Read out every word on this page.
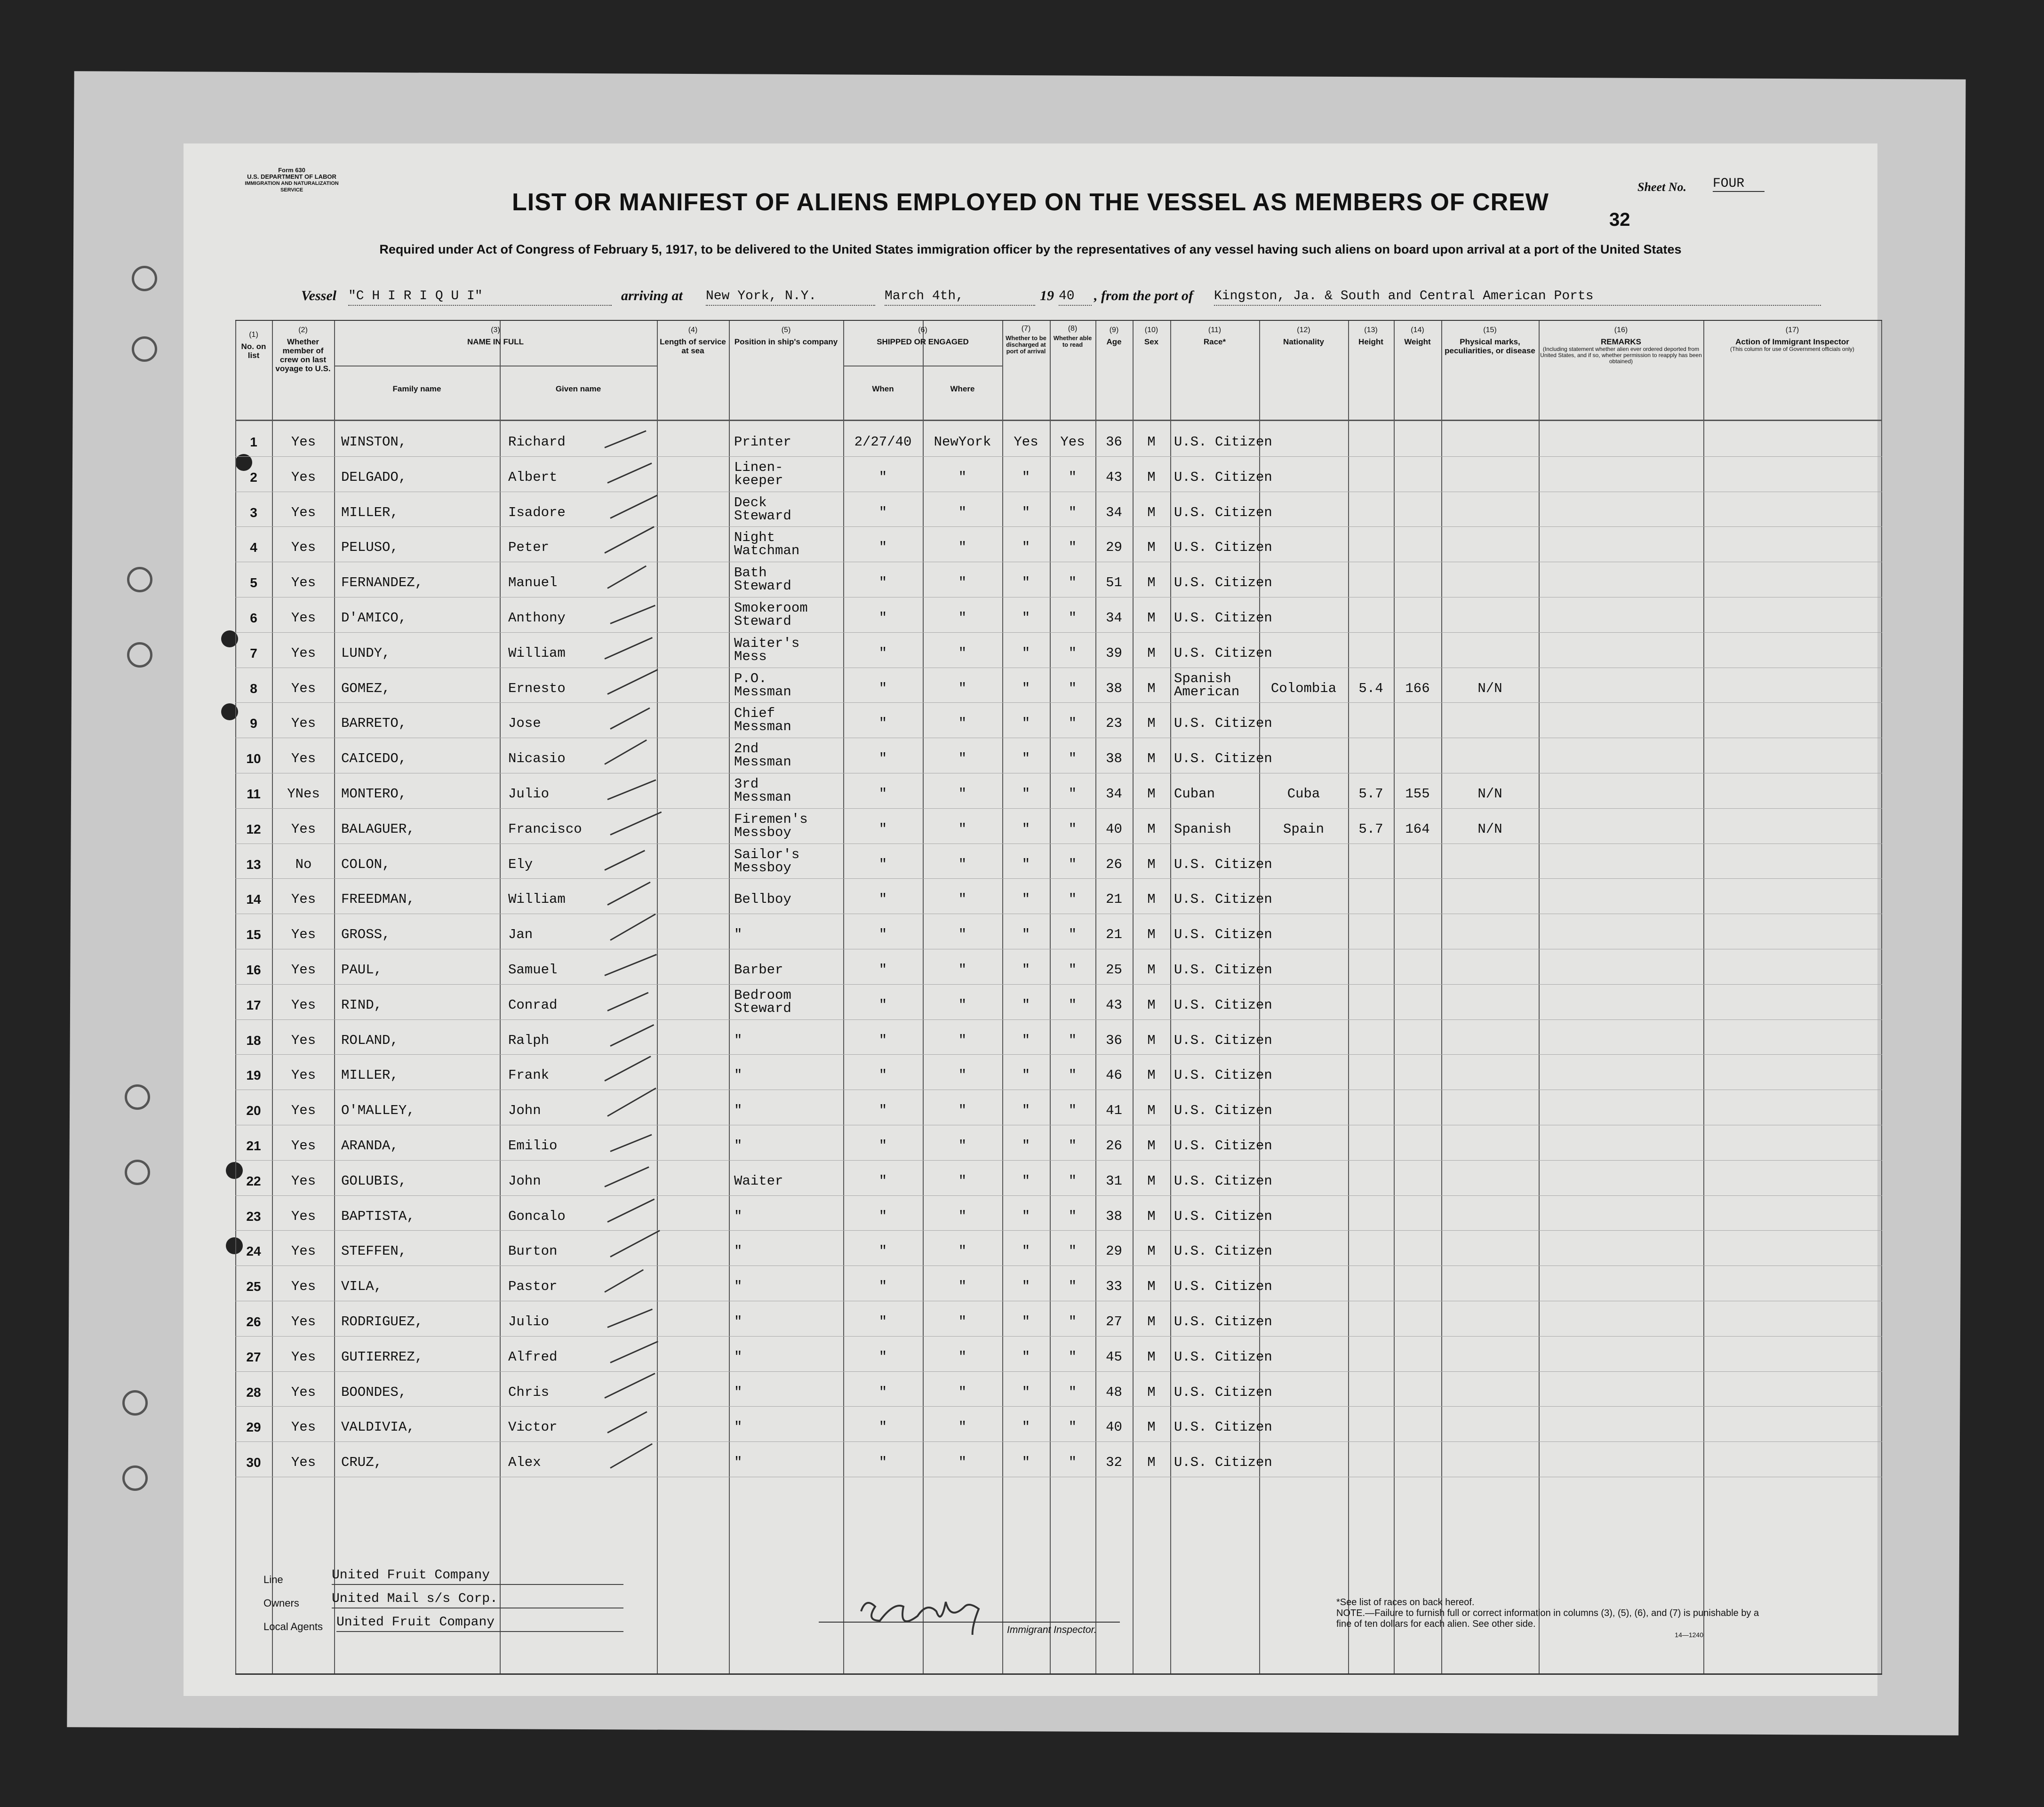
Form 630
U.S. DEPARTMENT OF LABOR
IMMIGRATION AND NATURALIZATION SERVICE	Sheet No. FOUR
LIST OR MANIFEST OF ALIENS EMPLOYED ON THE VESSEL AS MEMBERS OF CREW
32
Required under Act of Congress of February 5, 1917, to be delivered to the United States immigration officer by the representatives of any vessel having such aliens on board upon arrival at a port of the United States
Vessel "C H I R I Q U I"	arriving at New York, N.Y.	March 4th,	19 40	, from the port of Kingston, Ja. & South and Central American Ports
(1)
No. on list
(2)
Whether member of crew on last voyage to U.S.
(3)
NAME IN FULL
Family name	Given name
(4)
Length of service at sea
(5)
Position in ship's company
(6)
SHIPPED OR ENGAGED
When	Where
(7)
Whether to be discharged at port of arrival
(8)
Whether able to read
(9)
Age
(10)
Sex
(11)
Race*
(12)
Nationality
(13)
Height
(14)
Weight
(15)
Physical marks, peculiarities, or disease
(16)
REMARKS
(Including statement whether alien ever ordered deported from United States, and if so, whether permission to reapply has been obtained)
(17)
Action of Immigrant Inspector
(This column for use of Government officials only)
1	Yes	WINSTON,	Richard	Printer	2/27/40	NewYork	Yes	Yes	36	M	U.S. Citizen
2	Yes	DELGADO,	Albert
Linen-
keeper	"	"	"	"	43	M	U.S. Citizen
3	Yes	MILLER,	Isadore
Deck
Steward	"	"	"	"	34	M	U.S. Citizen
4	Yes	PELUSO,	Peter
Night
Watchman	"	"	"	"	29	M	U.S. Citizen
5	Yes	FERNANDEZ,	Manuel
Bath
Steward	"	"	"	"	51	M	U.S. Citizen
6	Yes	D'AMICO,	Anthony
Smokeroom
Steward	"	"	"	"	34	M	U.S. Citizen
7	Yes	LUNDY,	William
Waiter's
Mess	"	"	"	"	39	M	U.S. Citizen
8	Yes	GOMEZ,	Ernesto
P.O.
Messman	"	"	"	"	38	M
Spanish
American	Colombia	5.4	166	N/N
9	Yes	BARRETO,	Jose
Chief
Messman	"	"	"	"	23	M	U.S. Citizen
10	Yes	CAICEDO,	Nicasio
2nd
Messman	"	"	"	"	38	M	U.S. Citizen
11	YNes	MONTERO,	Julio
3rd
Messman	"	"	"	"	34	M	Cuban	Cuba	5.7	155	N/N
12	Yes	BALAGUER,	Francisco
Firemen's
Messboy	"	"	"	"	40	M	Spanish	Spain	5.7	164	N/N
13	No	COLON,	Ely
Sailor's
Messboy	"	"	"	"	26	M	U.S. Citizen
14	Yes	FREEDMAN,	William	Bellboy	"	"	"	"	21	M	U.S. Citizen
15	Yes	GROSS,	Jan	"	"	"	"	"	21	M	U.S. Citizen
16	Yes	PAUL,	Samuel	Barber	"	"	"	"	25	M	U.S. Citizen
17	Yes	RIND,	Conrad
Bedroom
Steward	"	"	"	"	43	M	U.S. Citizen
18	Yes	ROLAND,	Ralph	"	"	"	"	"	36	M	U.S. Citizen
19	Yes	MILLER,	Frank	"	"	"	"	"	46	M	U.S. Citizen
20	Yes	O'MALLEY,	John	"	"	"	"	"	41	M	U.S. Citizen
21	Yes	ARANDA,	Emilio	"	"	"	"	"	26	M	U.S. Citizen
22	Yes	GOLUBIS,	John	Waiter	"	"	"	"	31	M	U.S. Citizen
23	Yes	BAPTISTA,	Goncalo	"	"	"	"	"	38	M	U.S. Citizen
24	Yes	STEFFEN,	Burton	"	"	"	"	"	29	M	U.S. Citizen
25	Yes	VILA,	Pastor	"	"	"	"	"	33	M	U.S. Citizen
26	Yes	RODRIGUEZ,	Julio	"	"	"	"	"	27	M	U.S. Citizen
27	Yes	GUTIERREZ,	Alfred	"	"	"	"	"	45	M	U.S. Citizen
28	Yes	BOONDES,	Chris	"	"	"	"	"	48	M	U.S. Citizen
29	Yes	VALDIVIA,	Victor	"	"	"	"	"	40	M	U.S. Citizen
30	Yes	CRUZ,	Alex	"	"	"	"	"	32	M	U.S. Citizen
Line	United Fruit Company
Owners United Mail s/s Corp.
Local Agents United Fruit Company
Immigrant Inspector.
*See list of races on back hereof.
NOTE.—Failure to furnish full or correct information in columns (3), (5), (6), and (7) is punishable by a fine of ten dollars for each alien. See other side.
14—1240
